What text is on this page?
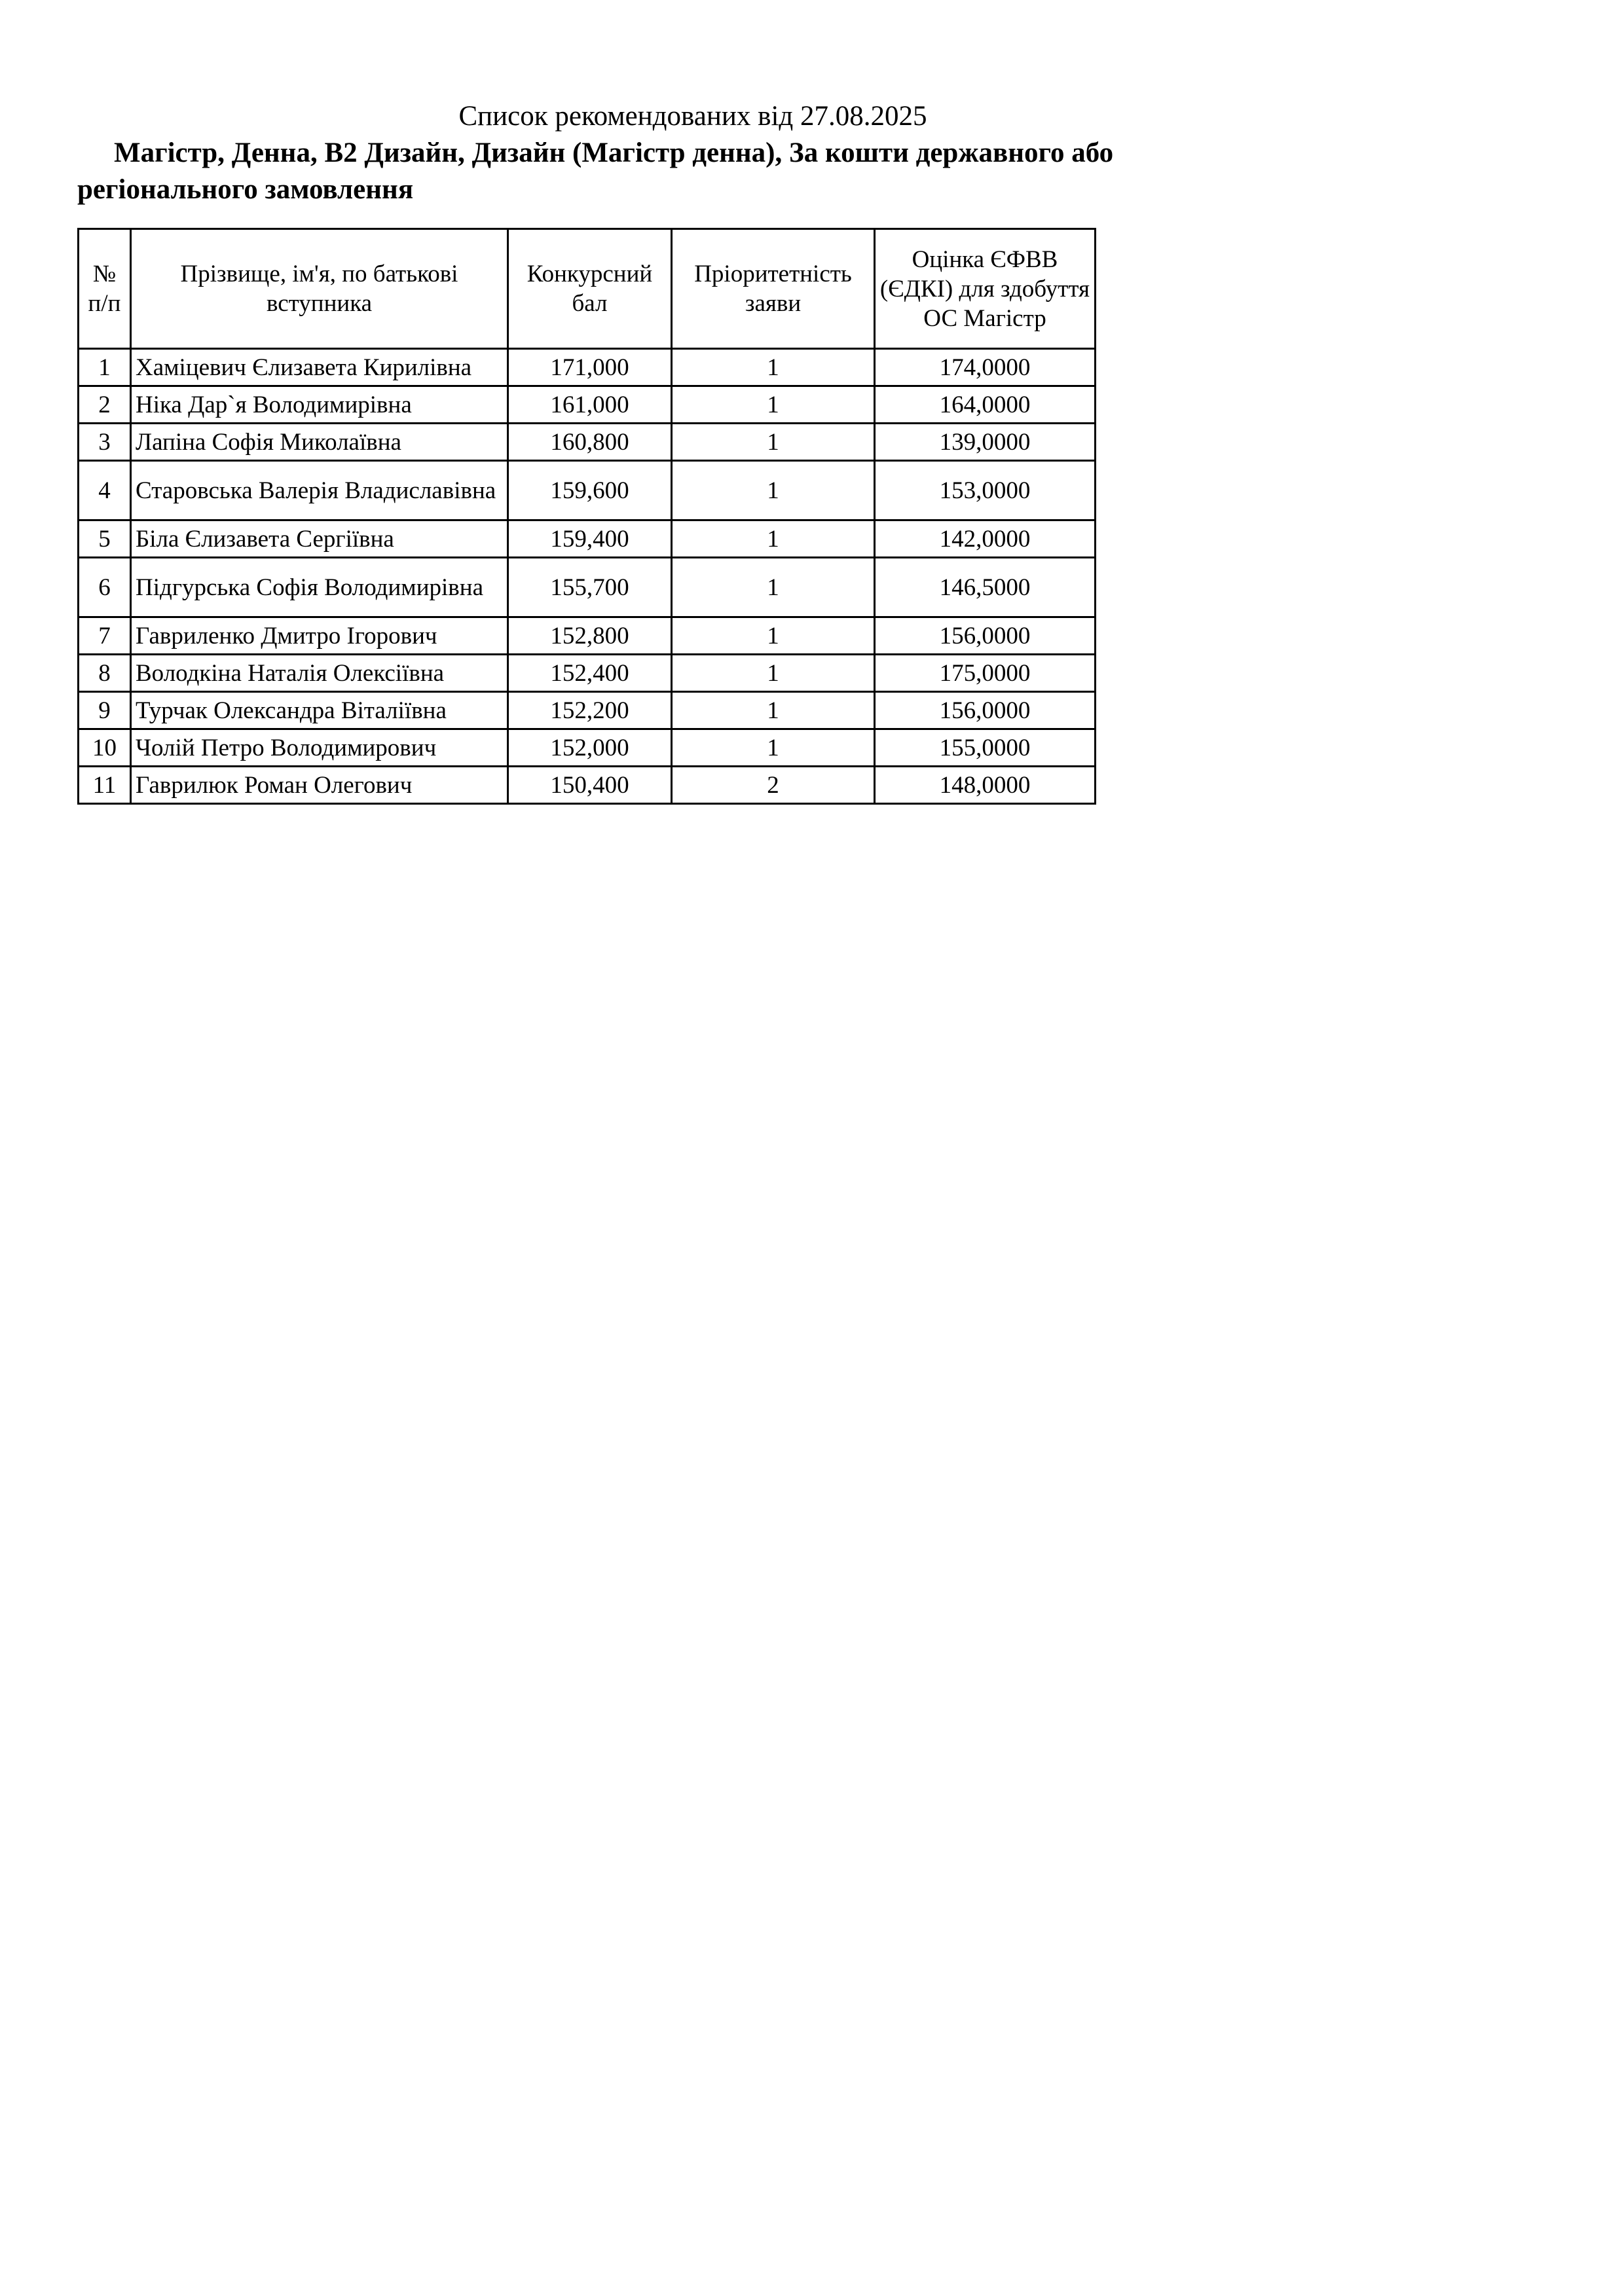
Список рекомендованих від 27.08.2025
Магістр, Денна, B2 Дизайн, Дизайн (Магістр денна), За кошти державного або регіонального замовлення
№ п/п	Прізвище, ім'я, по батькові вступника	Конкурсний бал	Пріоритетність заяви	Оцінка ЄФВВ (ЄДКІ) для здобуття ОС Магістр
1	Хаміцевич Єлизавета Кирилівна	171,000	1	174,0000
2	Ніка Дар`я Володимирівна	161,000	1	164,0000
3	Лапіна Софія Миколаївна	160,800	1	139,0000
4	Старовська Валерія Владиславівна	159,600	1	153,0000
5	Біла Єлизавета Сергіївна	159,400	1	142,0000
6	Підгурська Софія Володимирівна	155,700	1	146,5000
7	Гавриленко Дмитро Ігорович	152,800	1	156,0000
8	Володкіна Наталія Олексіївна	152,400	1	175,0000
9	Турчак Олександра Віталіївна	152,200	1	156,0000
10	Чолій Петро Володимирович	152,000	1	155,0000
11	Гаврилюк Роман Олегович	150,400	2	148,0000
